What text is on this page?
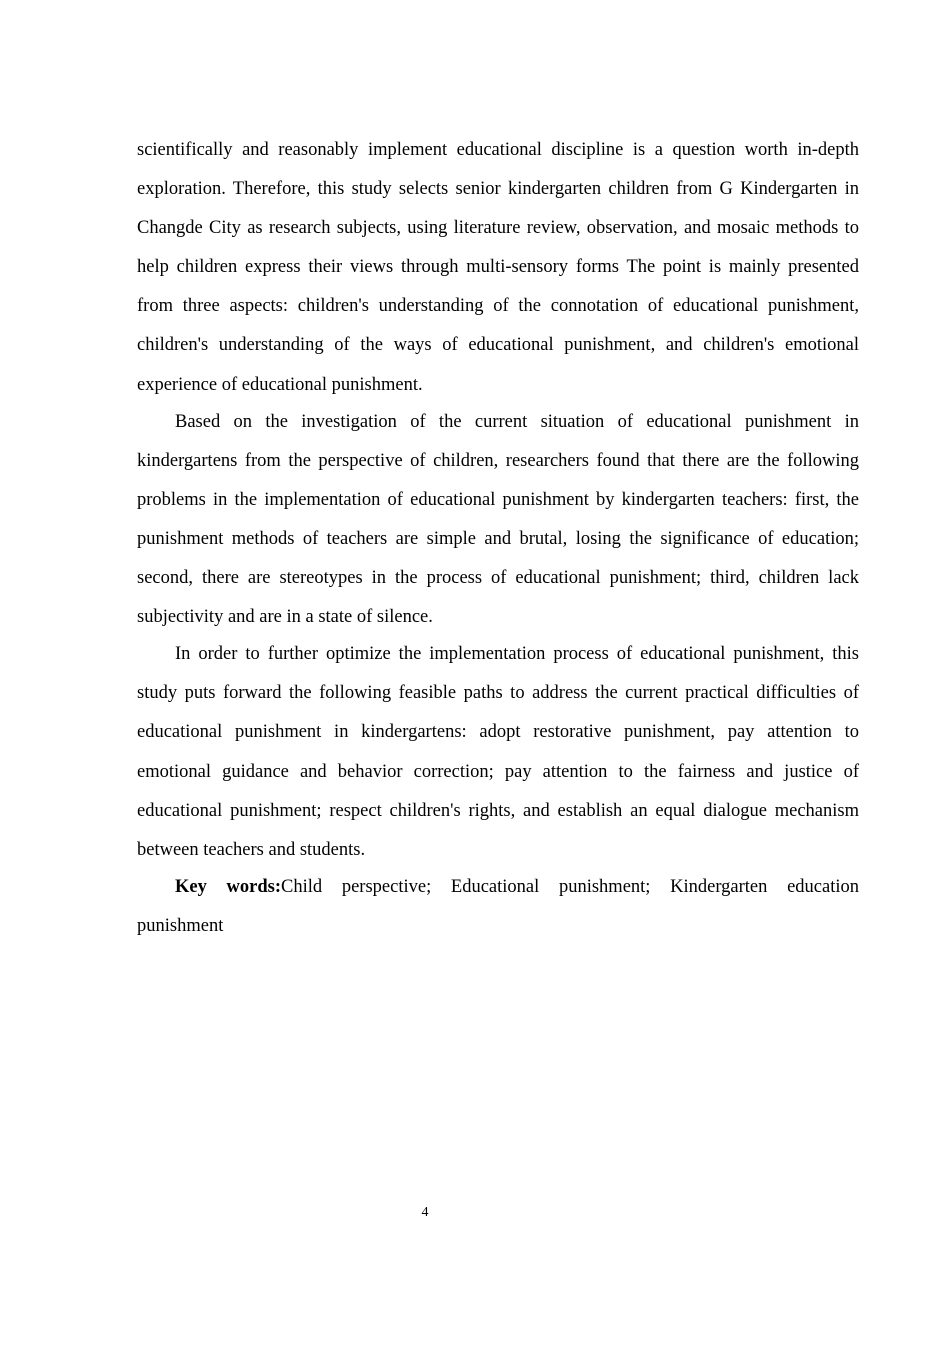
scientifically and reasonably implement educational discipline is a question worth in-depth exploration. Therefore, this study selects senior kindergarten children from G Kindergarten in Changde City as research subjects, using literature review, observation, and mosaic methods to help children express their views through multi-sensory forms The point is mainly presented from three aspects: children's understanding of the connotation of educational punishment, children's understanding of the ways of educational punishment, and children's emotional experience of educational punishment.

Based on the investigation of the current situation of educational punishment in kindergartens from the perspective of children, researchers found that there are the following problems in the implementation of educational punishment by kindergarten teachers: first, the punishment methods of teachers are simple and brutal, losing the significance of education; second, there are stereotypes in the process of educational punishment; third, children lack subjectivity and are in a state of silence.

In order to further optimize the implementation process of educational punishment, this study puts forward the following feasible paths to address the current practical difficulties of educational punishment in kindergartens: adopt restorative punishment, pay attention to emotional guidance and behavior correction; pay attention to the fairness and justice of educational punishment; respect children's rights, and establish an equal dialogue mechanism between teachers and students.

Key words:Child perspective; Educational punishment; Kindergarten education punishment

4
